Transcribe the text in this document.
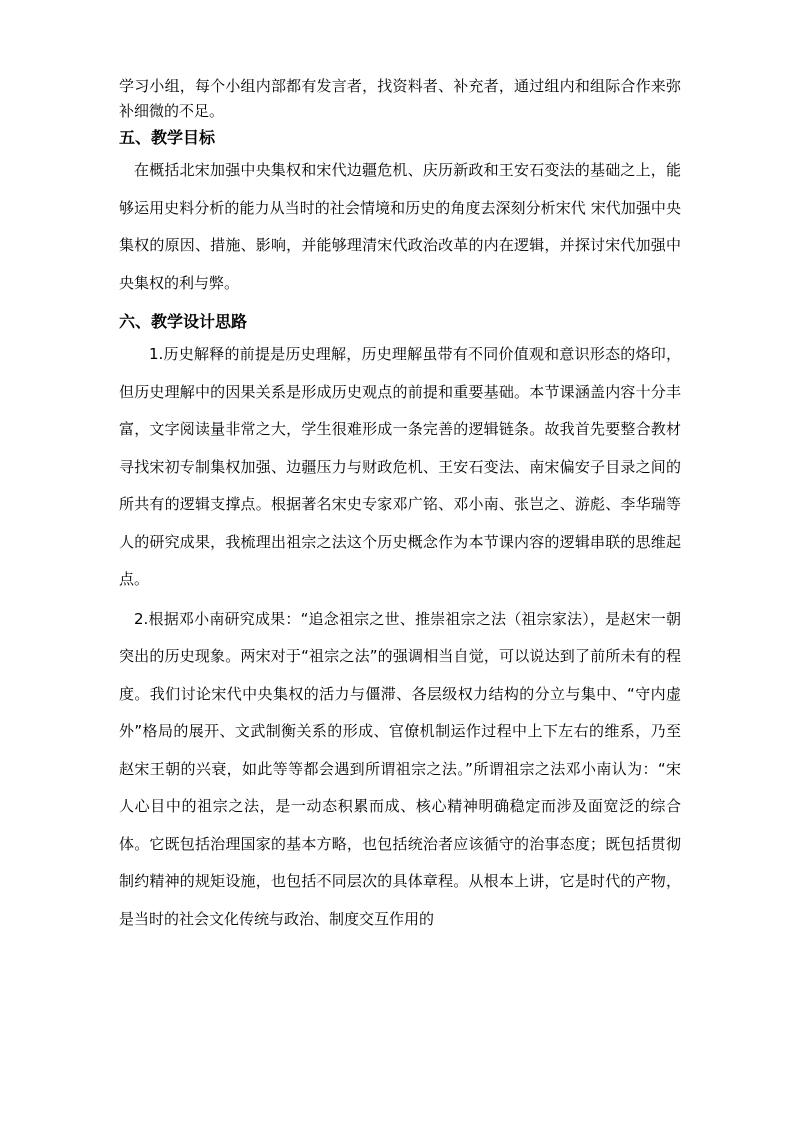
学习小组，每个小组内部都有发言者，找资料者、补充者，通过组内和组际合作来弥补细微的不足。

五、教学目标

在概括北宋加强中央集权和宋代边疆危机、庆历新政和王安石变法的基础之上，能够运用史料分析的能力从当时的社会情境和历史的角度去深刻分析宋代 宋代加强中央集权的原因、措施、影响，并能够理清宋代政治改革的内在逻辑，并探讨宋代加强中央集权的利与弊。

六、教学设计思路

1.历史解释的前提是历史理解，历史理解虽带有不同价值观和意识形态的烙印，但历史理解中的因果关系是形成历史观点的前提和重要基础。本节课涵盖内容十分丰富，文字阅读量非常之大，学生很难形成一条完善的逻辑链条。故我首先要整合教材寻找宋初专制集权加强、边疆压力与财政危机、王安石变法、南宋偏安子目录之间的所共有的逻辑支撑点。根据著名宋史专家邓广铭、邓小南、张岂之、游彪、李华瑞等人的研究成果，我梳理出祖宗之法这个历史概念作为本节课内容的逻辑串联的思维起点。

2.根据邓小南研究成果：“追念祖宗之世、推崇祖宗之法（祖宗家法），是赵宋一朝突出的历史现象。两宋对于“祖宗之法”的强调相当自觉，可以说达到了前所未有的程度。我们讨论宋代中央集权的活力与僵滞、各层级权力结构的分立与集中、“守内虚外”格局的展开、文武制衡关系的形成、官僚机制运作过程中上下左右的维系，乃至赵宋王朝的兴衰，如此等等都会遇到所谓祖宗之法。”所谓祖宗之法邓小南认为：“宋人心目中的祖宗之法，是一动态积累而成、核心精神明确稳定而涉及面宽泛的综合体。它既包括治理国家的基本方略，也包括统治者应该循守的治事态度；既包括贯彻制约精神的规矩设施，也包括不同层次的具体章程。从根本上讲，它是时代的产物，是当时的社会文化传统与政治、制度交互作用的
